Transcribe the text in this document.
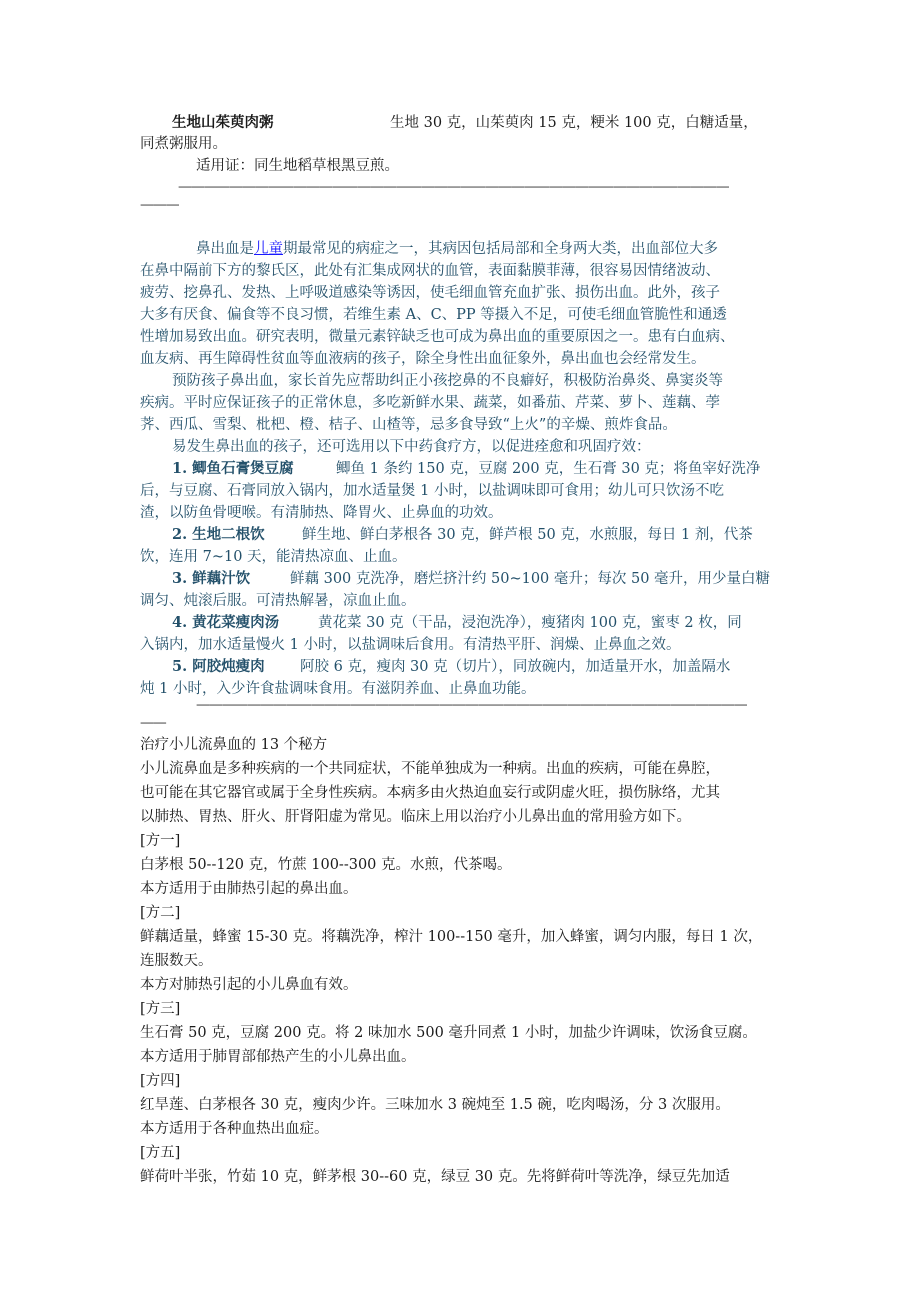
生地山茱萸肉粥	生地 30 克，山茱萸肉 15 克，粳米 100 克，白糖适量，
同煮粥服用。
适用证：同生地稻草根黑豆煎。
———————————————————————————————————————————
———
鼻出血是儿童期最常见的病症之一，其病因包括局部和全身两大类，出血部位大多
在鼻中隔前下方的黎氏区，此处有汇集成网状的血管，表面黏膜菲薄，很容易因情绪波动、
疲劳、挖鼻孔、发热、上呼吸道感染等诱因，使毛细血管充血扩张、损伤出血。此外，孩子
大多有厌食、偏食等不良习惯，若维生素 A、C、PP 等摄入不足，可使毛细血管脆性和通透
性增加易致出血。研究表明，微量元素锌缺乏也可成为鼻出血的重要原因之一。患有白血病、
血友病、再生障碍性贫血等血液病的孩子，除全身性出血征象外，鼻出血也会经常发生。
预防孩子鼻出血，家长首先应帮助纠正小孩挖鼻的不良癖好，积极防治鼻炎、鼻窦炎等
疾病。平时应保证孩子的正常休息，多吃新鲜水果、蔬菜，如番茄、芹菜、萝卜、莲藕、荸
荠、西瓜、雪梨、枇杷、橙、桔子、山楂等，忌多食导致“上火”的辛燥、煎炸食品。
易发生鼻出血的孩子，还可选用以下中药食疗方，以促进痊愈和巩固疗效：
1. 鲫鱼石膏煲豆腐	鲫鱼 1 条约 150 克，豆腐 200 克，生石膏 30 克；将鱼宰好洗净
后，与豆腐、石膏同放入锅内，加水适量煲 1 小时，以盐调味即可食用；幼儿可只饮汤不吃
渣，以防鱼骨哽喉。有清肺热、降胃火、止鼻血的功效。
2. 生地二根饮	鲜生地、鲜白茅根各 30 克，鲜芦根 50 克，水煎服，每日 1 剂，代茶
饮，连用 7~10 天，能清热凉血、止血。
3. 鲜藕汁饮	鲜藕 300 克洗净，磨烂挤汁约 50~100 毫升；每次 50 毫升，用少量白糖
调匀、炖滚后服。可清热解暑，凉血止血。
4. 黄花菜瘦肉汤	黄花菜 30 克（干品，浸泡洗净），瘦猪肉 100 克，蜜枣 2 枚，同
入锅内，加水适量慢火 1 小时，以盐调味后食用。有清热平肝、润燥、止鼻血之效。
5. 阿胶炖瘦肉 阿胶 6 克，瘦肉 30 克（切片），同放碗内，加适量开水，加盖隔水
炖 1 小时，入少许食盐调味食用。有滋阴养血、止鼻血功能。
———————————————————————————————————————————
——
治疗小儿流鼻血的 13 个秘方
小儿流鼻血是多种疾病的一个共同症状，不能单独成为一种病。出血的疾病，可能在鼻腔，
也可能在其它器官或属于全身性疾病。本病多由火热迫血妄行或阴虚火旺，损伤脉络，尤其
以肺热、胃热、肝火、肝肾阳虚为常见。临床上用以治疗小儿鼻出血的常用验方如下。
[方一]
白茅根 50--120 克，竹蔗 100--300 克。水煎，代茶喝。
本方适用于由肺热引起的鼻出血。
[方二]
鲜藕适量，蜂蜜 15-30 克。将藕洗净，榨汁 100--150 毫升，加入蜂蜜，调匀内服，每日 1 次，
连服数天。
本方对肺热引起的小儿鼻血有效。
[方三]
生石膏 50 克，豆腐 200 克。将 2 味加水 500 毫升同煮 1 小时，加盐少许调味，饮汤食豆腐。
本方适用于肺胃部郁热产生的小儿鼻出血。
[方四]
红旱莲、白茅根各 30 克，瘦肉少许。三味加水 3 碗炖至 1.5 碗，吃肉喝汤，分 3 次服用。
本方适用于各种血热出血症。
[方五]
鲜荷叶半张，竹茹 10 克，鲜茅根 30--60 克，绿豆 30 克。先将鲜荷叶等洗净，绿豆先加适
